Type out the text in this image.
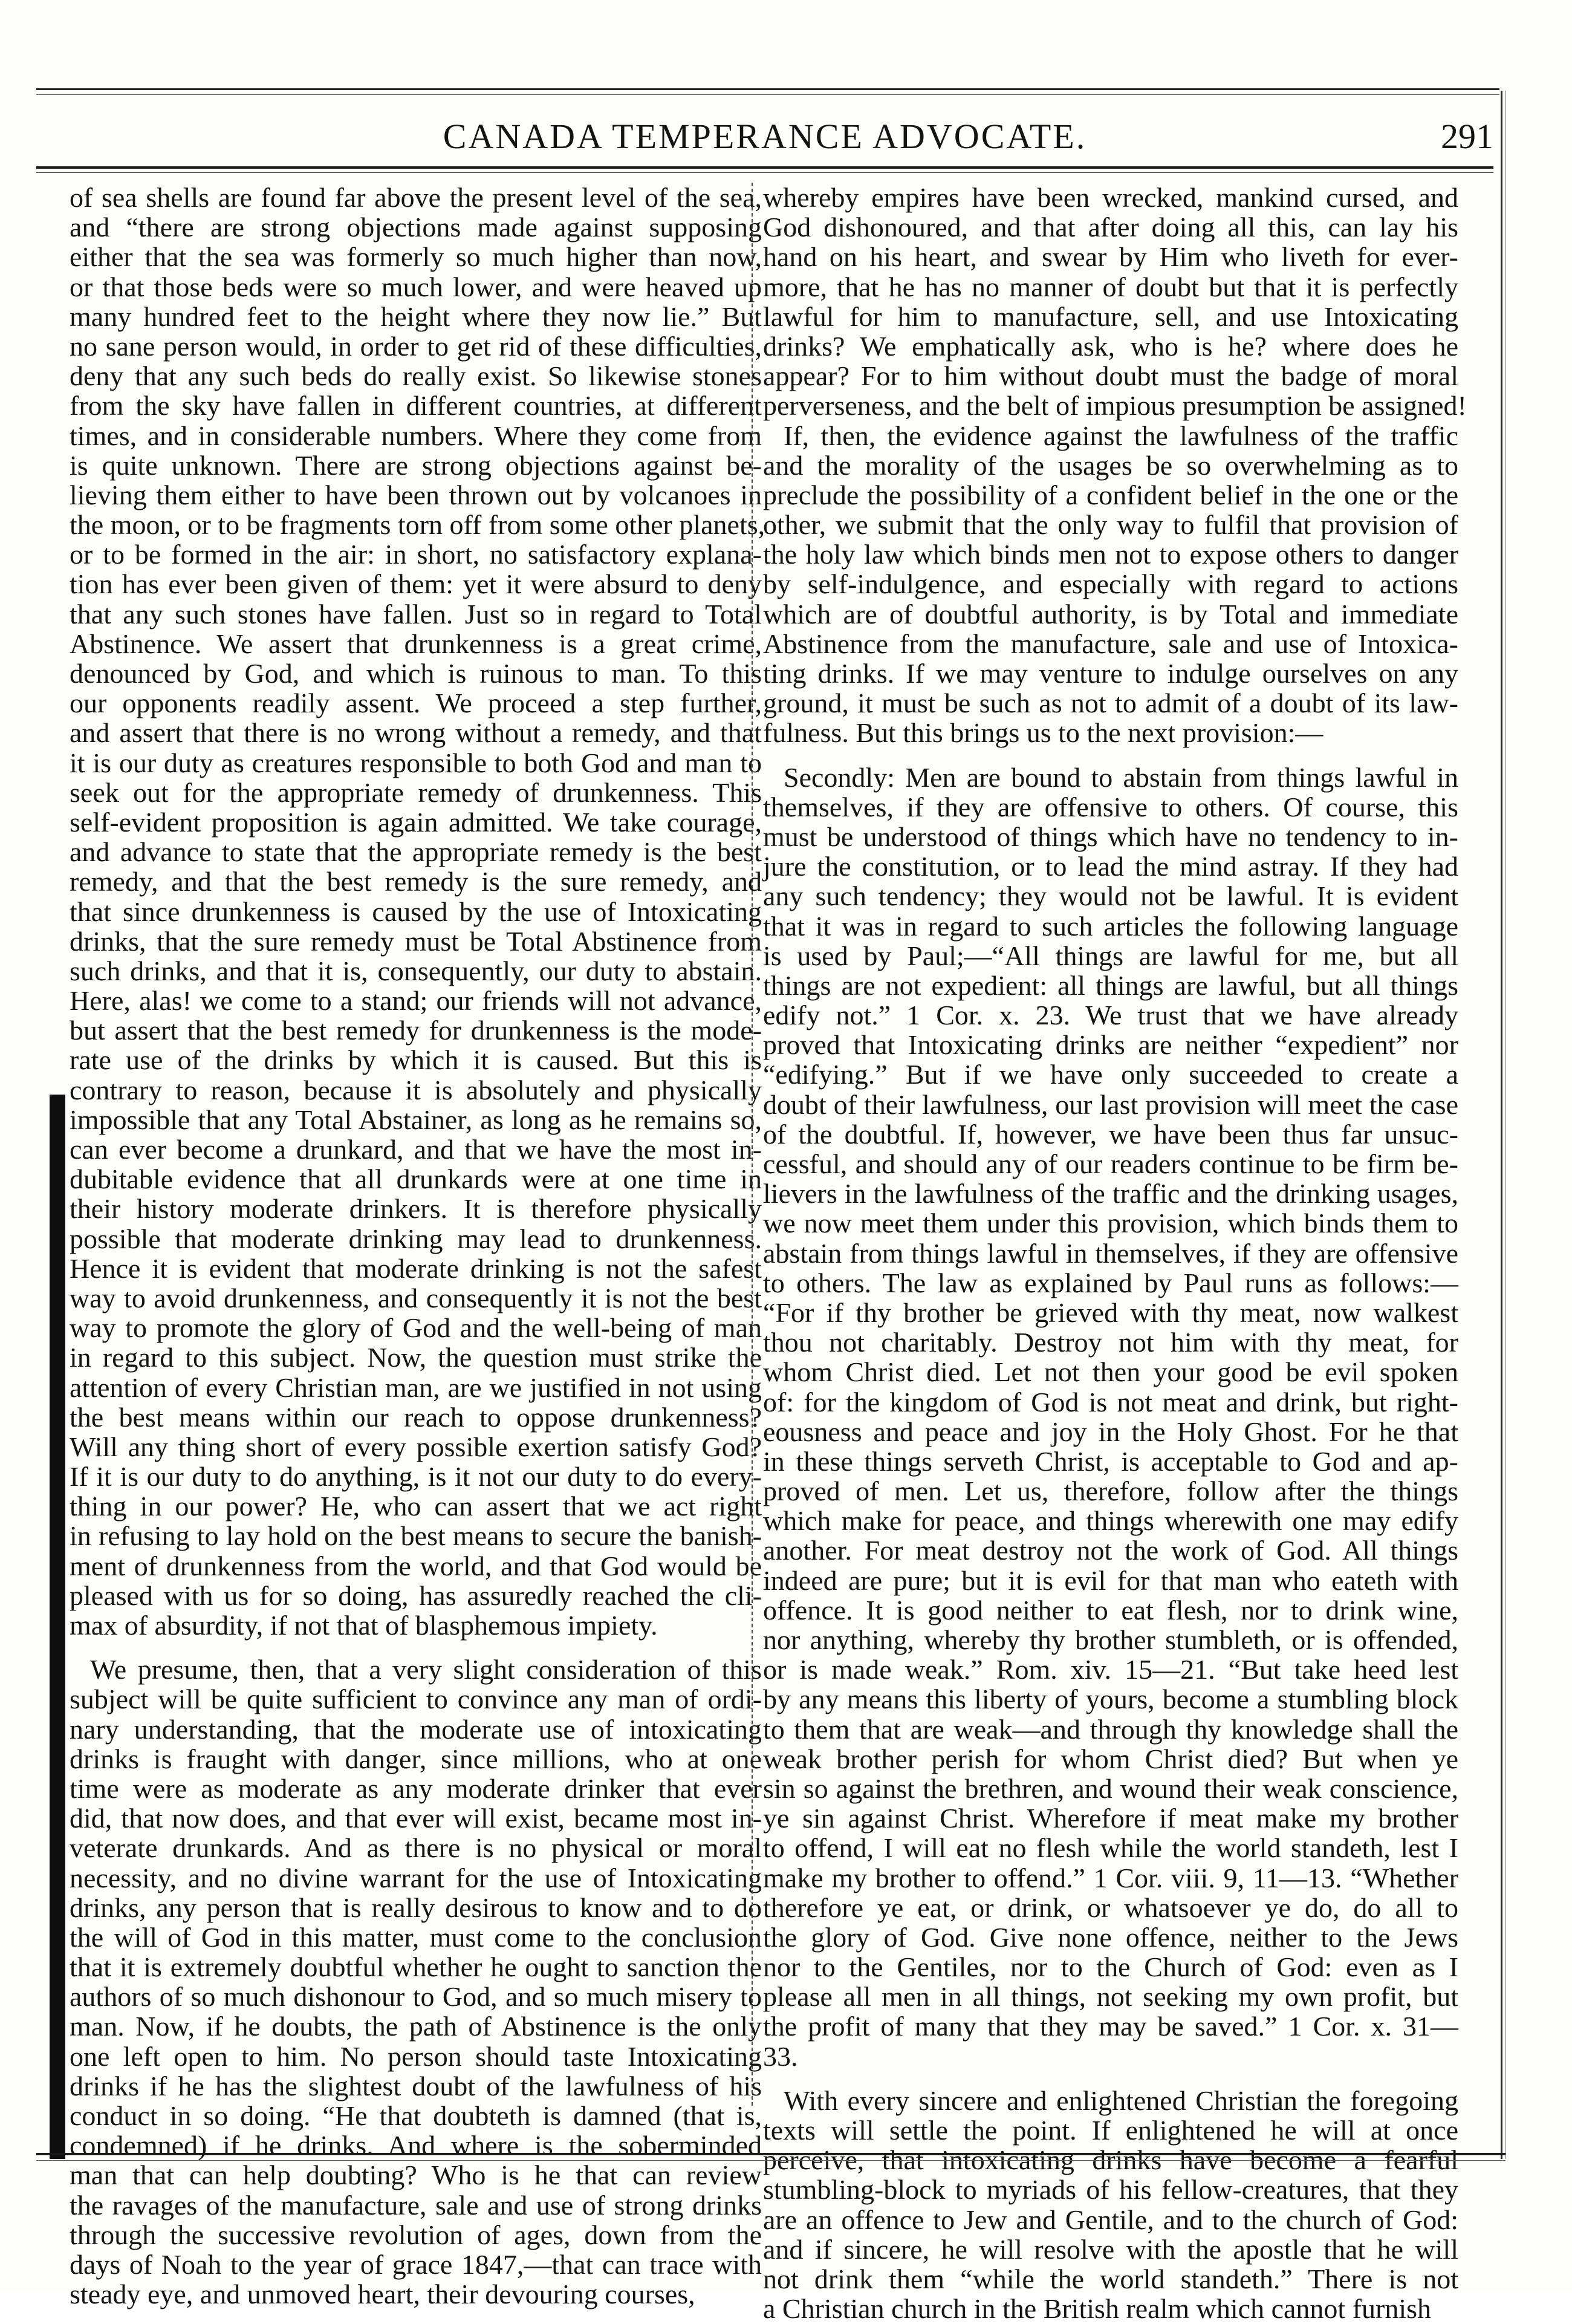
CANADA TEMPERANCE ADVOCATE.	291
of sea shells are found far above the present level of the sea,
and “there are strong objections made against supposing
either that the sea was formerly so much higher than now,
or that those beds were so much lower, and were heaved up
many hundred feet to the height where they now lie.” But
no sane person would, in order to get rid of these difficulties,
deny that any such beds do really exist. So likewise stones
from the sky have fallen in different countries, at different
times, and in considerable numbers. Where they come from
is quite unknown. There are strong objections against be-
lieving them either to have been thrown out by volcanoes in
the moon, or to be fragments torn off from some other planets,
or to be formed in the air: in short, no satisfactory explana-
tion has ever been given of them: yet it were absurd to deny
that any such stones have fallen. Just so in regard to Total
Abstinence. We assert that drunkenness is a great crime,
denounced by God, and which is ruinous to man. To this
our opponents readily assent. We proceed a step further,
and assert that there is no wrong without a remedy, and that
it is our duty as creatures responsible to both God and man to
seek out for the appropriate remedy of drunkenness. This
self-evident proposition is again admitted. We take courage,
and advance to state that the appropriate remedy is the best
remedy, and that the best remedy is the sure remedy, and
that since drunkenness is caused by the use of Intoxicating
drinks, that the sure remedy must be Total Abstinence from
such drinks, and that it is, consequently, our duty to abstain.
Here, alas! we come to a stand; our friends will not advance,
but assert that the best remedy for drunkenness is the mode-
rate use of the drinks by which it is caused. But this is
contrary to reason, because it is absolutely and physically
impossible that any Total Abstainer, as long as he remains so,
can ever become a drunkard, and that we have the most in-
dubitable evidence that all drunkards were at one time in
their history moderate drinkers. It is therefore physically
possible that moderate drinking may lead to drunkenness.
Hence it is evident that moderate drinking is not the safest
way to avoid drunkenness, and consequently it is not the best
way to promote the glory of God and the well-being of man
in regard to this subject. Now, the question must strike the
attention of every Christian man, are we justified in not using
the best means within our reach to oppose drunkenness?
Will any thing short of every possible exertion satisfy God?
If it is our duty to do anything, is it not our duty to do every-
thing in our power? He, who can assert that we act right
in refusing to lay hold on the best means to secure the banish-
ment of drunkenness from the world, and that God would be
pleased with us for so doing, has assuredly reached the cli-
max of absurdity, if not that of blasphemous impiety.
We presume, then, that a very slight consideration of this
subject will be quite sufficient to convince any man of ordi-
nary understanding, that the moderate use of intoxicating
drinks is fraught with danger, since millions, who at one
time were as moderate as any moderate drinker that ever
did, that now does, and that ever will exist, became most in-
veterate drunkards. And as there is no physical or moral
necessity, and no divine warrant for the use of Intoxicating
drinks, any person that is really desirous to know and to do
the will of God in this matter, must come to the conclusion
that it is extremely doubtful whether he ought to sanction the
authors of so much dishonour to God, and so much misery to
man. Now, if he doubts, the path of Abstinence is the only
one left open to him. No person should taste Intoxicating
drinks if he has the slightest doubt of the lawfulness of his
conduct in so doing. “He that doubteth is damned (that is,
condemned) if he drinks. And where is the soberminded
man that can help doubting? Who is he that can review
the ravages of the manufacture, sale and use of strong drinks
through the successive revolution of ages, down from the
days of Noah to the year of grace 1847,—that can trace with
steady eye, and unmoved heart, their devouring courses,
whereby empires have been wrecked, mankind cursed, and
God dishonoured, and that after doing all this, can lay his
hand on his heart, and swear by Him who liveth for ever-
more, that he has no manner of doubt but that it is perfectly
lawful for him to manufacture, sell, and use Intoxicating
drinks? We emphatically ask, who is he? where does he
appear? For to him without doubt must the badge of moral
perverseness, and the belt of impious presumption be assigned!
If, then, the evidence against the lawfulness of the traffic
and the morality of the usages be so overwhelming as to
preclude the possibility of a confident belief in the one or the
other, we submit that the only way to fulfil that provision of
the holy law which binds men not to expose others to danger
by self-indulgence, and especially with regard to actions
which are of doubtful authority, is by Total and immediate
Abstinence from the manufacture, sale and use of Intoxica-
ting drinks. If we may venture to indulge ourselves on any
ground, it must be such as not to admit of a doubt of its law-
fulness. But this brings us to the next provision:—
Secondly: Men are bound to abstain from things lawful in
themselves, if they are offensive to others. Of course, this
must be understood of things which have no tendency to in-
jure the constitution, or to lead the mind astray. If they had
any such tendency; they would not be lawful. It is evident
that it was in regard to such articles the following language
is used by Paul;—“All things are lawful for me, but all
things are not expedient: all things are lawful, but all things
edify not.” 1 Cor. x. 23. We trust that we have already
proved that Intoxicating drinks are neither “expedient” nor
“edifying.” But if we have only succeeded to create a
doubt of their lawfulness, our last provision will meet the case
of the doubtful. If, however, we have been thus far unsuc-
cessful, and should any of our readers continue to be firm be-
lievers in the lawfulness of the traffic and the drinking usages,
we now meet them under this provision, which binds them to
abstain from things lawful in themselves, if they are offensive
to others. The law as explained by Paul runs as follows:—
“For if thy brother be grieved with thy meat, now walkest
thou not charitably. Destroy not him with thy meat, for
whom Christ died. Let not then your good be evil spoken
of: for the kingdom of God is not meat and drink, but right-
eousness and peace and joy in the Holy Ghost. For he that
in these things serveth Christ, is acceptable to God and ap-
proved of men. Let us, therefore, follow after the things
which make for peace, and things wherewith one may edify
another. For meat destroy not the work of God. All things
indeed are pure; but it is evil for that man who eateth with
offence. It is good neither to eat flesh, nor to drink wine,
nor anything, whereby thy brother stumbleth, or is offended,
or is made weak.” Rom. xiv. 15—21. “But take heed lest
by any means this liberty of yours, become a stumbling block
to them that are weak—and through thy knowledge shall the
weak brother perish for whom Christ died? But when ye
sin so against the brethren, and wound their weak conscience,
ye sin against Christ. Wherefore if meat make my brother
to offend, I will eat no flesh while the world standeth, lest I
make my brother to offend.” 1 Cor. viii. 9, 11—13. “Whether
therefore ye eat, or drink, or whatsoever ye do, do all to
the glory of God. Give none offence, neither to the Jews
nor to the Gentiles, nor to the Church of God: even as I
please all men in all things, not seeking my own profit, but
the profit of many that they may be saved.” 1 Cor. x. 31—
33.
With every sincere and enlightened Christian the foregoing
texts will settle the point. If enlightened he will at once
perceive, that intoxicating drinks have become a fearful
stumbling-block to myriads of his fellow-creatures, that they
are an offence to Jew and Gentile, and to the church of God:
and if sincere, he will resolve with the apostle that he will
not drink them “while the world standeth.” There is not
a Christian church in the British realm which cannot furnish
